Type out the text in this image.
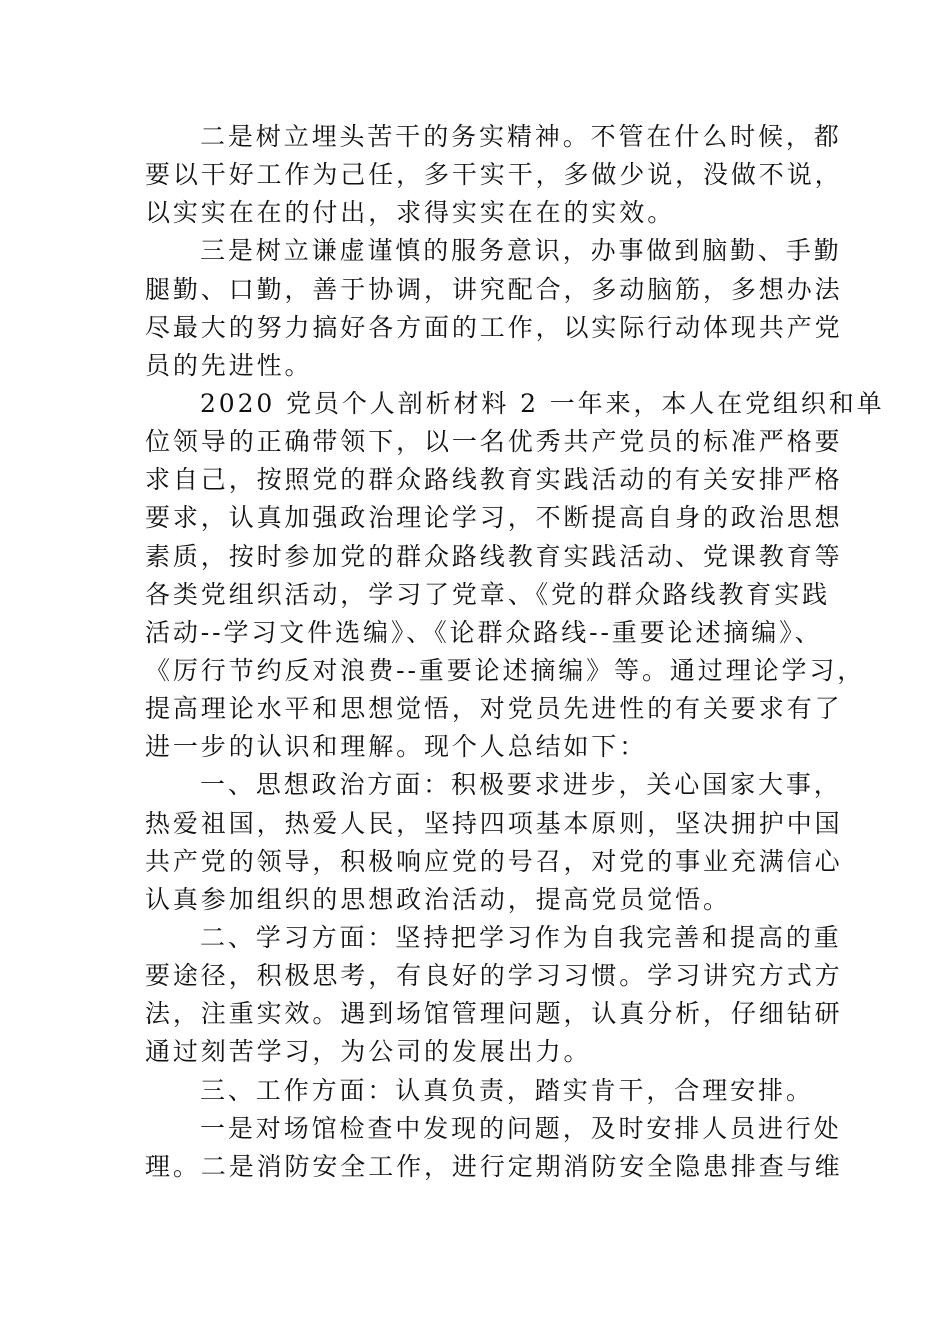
二是树立埋头苦干的务实精神。不管在什么时候，都
要以干好工作为己任，多干实干，多做少说，没做不说，
以实实在在的付出，求得实实在在的实效。
三是树立谦虚谨慎的服务意识，办事做到脑勤、手勤
腿勤、口勤，善于协调，讲究配合，多动脑筋，多想办法
尽最大的努力搞好各方面的工作，以实际行动体现共产党
员的先进性。
2020 党员个人剖析材料 2 一年来，本人在党组织和单
位领导的正确带领下，以一名优秀共产党员的标准严格要
求自己，按照党的群众路线教育实践活动的有关安排严格
要求，认真加强政治理论学习，不断提高自身的政治思想
素质，按时参加党的群众路线教育实践活动、党课教育等
各类党组织活动，学习了党章、《党的群众路线教育实践
活动--学习文件选编》、《论群众路线--重要论述摘编》、
《厉行节约反对浪费--重要论述摘编》等。通过理论学习，
提高理论水平和思想觉悟，对党员先进性的有关要求有了
进一步的认识和理解。现个人总结如下：
一、思想政治方面：积极要求进步，关心国家大事，
热爱祖国，热爱人民，坚持四项基本原则，坚决拥护中国
共产党的领导，积极响应党的号召，对党的事业充满信心
认真参加组织的思想政治活动，提高党员觉悟。
二、学习方面：坚持把学习作为自我完善和提高的重
要途径，积极思考，有良好的学习习惯。学习讲究方式方
法，注重实效。遇到场馆管理问题，认真分析，仔细钻研
通过刻苦学习，为公司的发展出力。
三、工作方面：认真负责，踏实肯干，合理安排。
一是对场馆检查中发现的问题，及时安排人员进行处
理。二是消防安全工作，进行定期消防安全隐患排查与维
